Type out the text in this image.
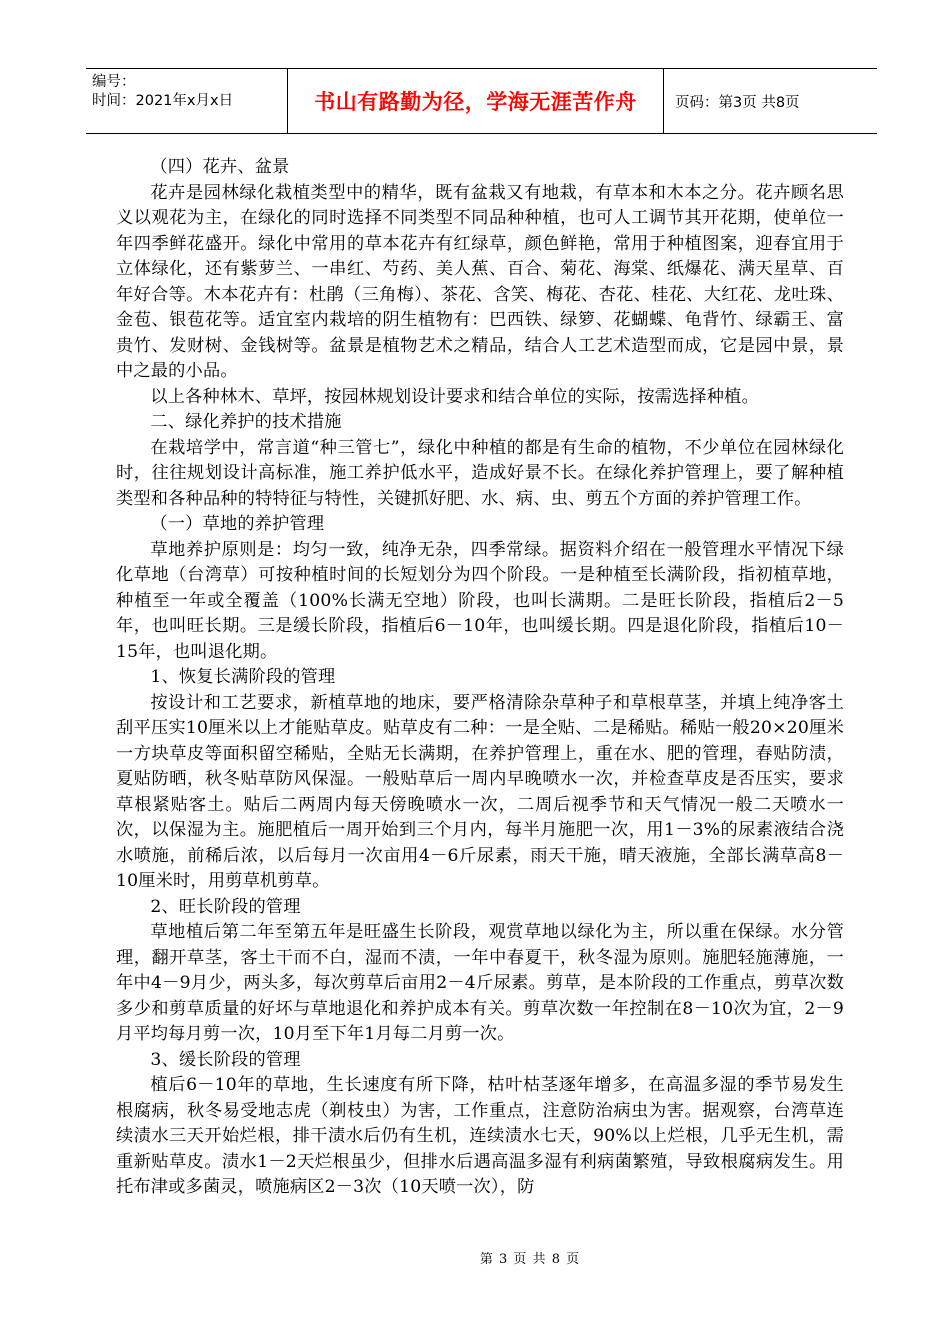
编号：
时间：2021年x月x日	书山有路勤为径，学海无涯苦作舟	页码：第3页 共8页

（四）花卉、盆景

花卉是园林绿化栽植类型中的精华，既有盆栽又有地栽，有草本和木本之分。花卉顾名思义以观花为主，在绿化的同时选择不同类型不同品种种植，也可人工调节其开花期，使单位一年四季鲜花盛开。绿化中常用的草本花卉有红绿草，颜色鲜艳，常用于种植图案，迎春宜用于立体绿化，还有紫萝兰、一串红、芍药、美人蕉、百合、菊花、海棠、纸爆花、满天星草、百年好合等。木本花卉有：杜鹃（三角梅）、茶花、含笑、梅花、杏花、桂花、大红花、龙吐珠、金苞、银苞花等。适宜室内栽培的阴生植物有：巴西铁、绿箩、花蝴蝶、龟背竹、绿霸王、富贵竹、发财树、金钱树等。盆景是植物艺术之精品，结合人工艺术造型而成，它是园中景，景中之最的小品。

以上各种林木、草坪，按园林规划设计要求和结合单位的实际，按需选择种植。

二、绿化养护的技术措施

在栽培学中，常言道“种三管七”，绿化中种植的都是有生命的植物，不少单位在园林绿化时，往往规划设计高标准，施工养护低水平，造成好景不长。在绿化养护管理上，要了解种植类型和各种品种的特特征与特性，关键抓好肥、水、病、虫、剪五个方面的养护管理工作。

（一）草地的养护管理

草地养护原则是：均匀一致，纯净无杂，四季常绿。据资料介绍在一般管理水平情况下绿化草地（台湾草）可按种植时间的长短划分为四个阶段。一是种植至长满阶段，指初植草地，种植至一年或全覆盖（100%长满无空地）阶段，也叫长满期。二是旺长阶段，指植后2－5年，也叫旺长期。三是缓长阶段，指植后6－10年，也叫缓长期。四是退化阶段，指植后10－15年，也叫退化期。

1、恢复长满阶段的管理

按设计和工艺要求，新植草地的地床，要严格清除杂草种子和草根草茎，并填上纯净客土刮平压实10厘米以上才能贴草皮。贴草皮有二种：一是全贴、二是稀贴。稀贴一般20×20厘米一方块草皮等面积留空稀贴，全贴无长满期，在养护管理上，重在水、肥的管理，春贴防渍，夏贴防晒，秋冬贴草防风保湿。一般贴草后一周内早晚喷水一次，并检查草皮是否压实，要求草根紧贴客土。贴后二两周内每天傍晚喷水一次，二周后视季节和天气情况一般二天喷水一次，以保湿为主。施肥植后一周开始到三个月内，每半月施肥一次，用1－3%的尿素液结合浇水喷施，前稀后浓，以后每月一次亩用4－6斤尿素，雨天干施，晴天液施，全部长满草高8－10厘米时，用剪草机剪草。

2、旺长阶段的管理

草地植后第二年至第五年是旺盛生长阶段，观赏草地以绿化为主，所以重在保绿。水分管理，翻开草茎，客土干而不白，湿而不渍，一年中春夏干，秋冬湿为原则。施肥轻施薄施，一年中4－9月少，两头多，每次剪草后亩用2－4斤尿素。剪草，是本阶段的工作重点，剪草次数多少和剪草质量的好坏与草地退化和养护成本有关。剪草次数一年控制在8－10次为宜，2－9月平均每月剪一次，10月至下年1月每二月剪一次。

3、缓长阶段的管理

植后6－10年的草地，生长速度有所下降，枯叶枯茎逐年增多，在高温多湿的季节易发生根腐病，秋冬易受地志虎（剃枝虫）为害，工作重点，注意防治病虫为害。据观察，台湾草连续渍水三天开始烂根，排干渍水后仍有生机，连续渍水七天，90%以上烂根，几乎无生机，需重新贴草皮。渍水1－2天烂根虽少，但排水后遇高温多湿有利病菌繁殖，导致根腐病发生。用托布津或多菌灵，喷施病区2－3次（10天喷一次），防

第 3 页 共 8 页
